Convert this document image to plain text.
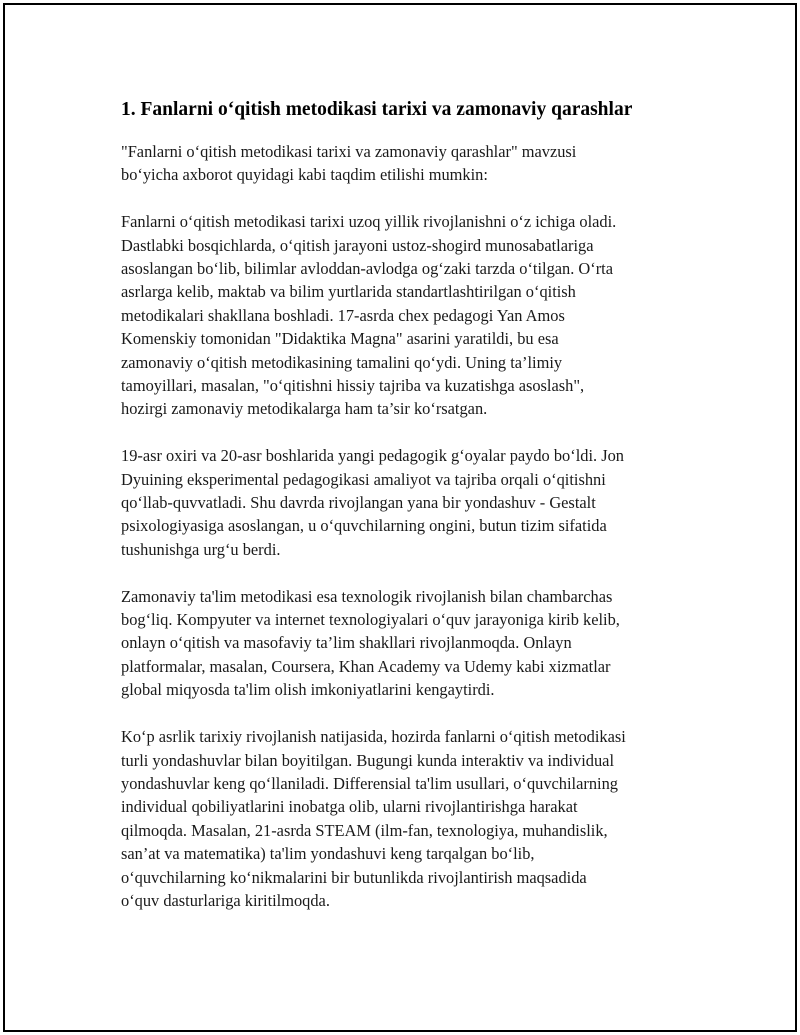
1. Fanlarni o‘qitish metodikasi tarixi va zamonaviy qarashlar

"Fanlarni o‘qitish metodikasi tarixi va zamonaviy qarashlar" mavzusi
bo‘yicha axborot quyidagi kabi taqdim etilishi mumkin:

Fanlarni o‘qitish metodikasi tarixi uzoq yillik rivojlanishni o‘z ichiga oladi.
Dastlabki bosqichlarda, o‘qitish jarayoni ustoz-shogird munosabatlariga
asoslangan bo‘lib, bilimlar avloddan-avlodga og‘zaki tarzda o‘tilgan. O‘rta
asrlarga kelib, maktab va bilim yurtlarida standartlashtirilgan o‘qitish
metodikalari shakllana boshladi. 17-asrda chex pedagogi Yan Amos
Komenskiy tomonidan "Didaktika Magna" asarini yaratildi, bu esa
zamonaviy o‘qitish metodikasining tamalini qo‘ydi. Uning ta’limiy
tamoyillari, masalan, "o‘qitishni hissiy tajriba va kuzatishga asoslash",
hozirgi zamonaviy metodikalarga ham ta’sir ko‘rsatgan.

19-asr oxiri va 20-asr boshlarida yangi pedagogik g‘oyalar paydo bo‘ldi. Jon
Dyuining eksperimental pedagogikasi amaliyot va tajriba orqali o‘qitishni
qo‘llab-quvvatladi. Shu davrda rivojlangan yana bir yondashuv - Gestalt
psixologiyasiga asoslangan, u o‘quvchilarning ongini, butun tizim sifatida
tushunishga urg‘u berdi.

Zamonaviy ta'lim metodikasi esa texnologik rivojlanish bilan chambarchas
bog‘liq. Kompyuter va internet texnologiyalari o‘quv jarayoniga kirib kelib,
onlayn o‘qitish va masofaviy ta’lim shakllari rivojlanmoqda. Onlayn
platformalar, masalan, Coursera, Khan Academy va Udemy kabi xizmatlar
global miqyosda ta'lim olish imkoniyatlarini kengaytirdi.

Ko‘p asrlik tarixiy rivojlanish natijasida, hozirda fanlarni o‘qitish metodikasi
turli yondashuvlar bilan boyitilgan. Bugungi kunda interaktiv va individual
yondashuvlar keng qo‘llaniladi. Differensial ta'lim usullari, o‘quvchilarning
individual qobiliyatlarini inobatga olib, ularni rivojlantirishga harakat
qilmoqda. Masalan, 21-asrda STEAM (ilm-fan, texnologiya, muhandislik,
san’at va matematika) ta'lim yondashuvi keng tarqalgan bo‘lib,
o‘quvchilarning ko‘nikmalarini bir butunlikda rivojlantirish maqsadida
o‘quv dasturlariga kiritilmoqda.
